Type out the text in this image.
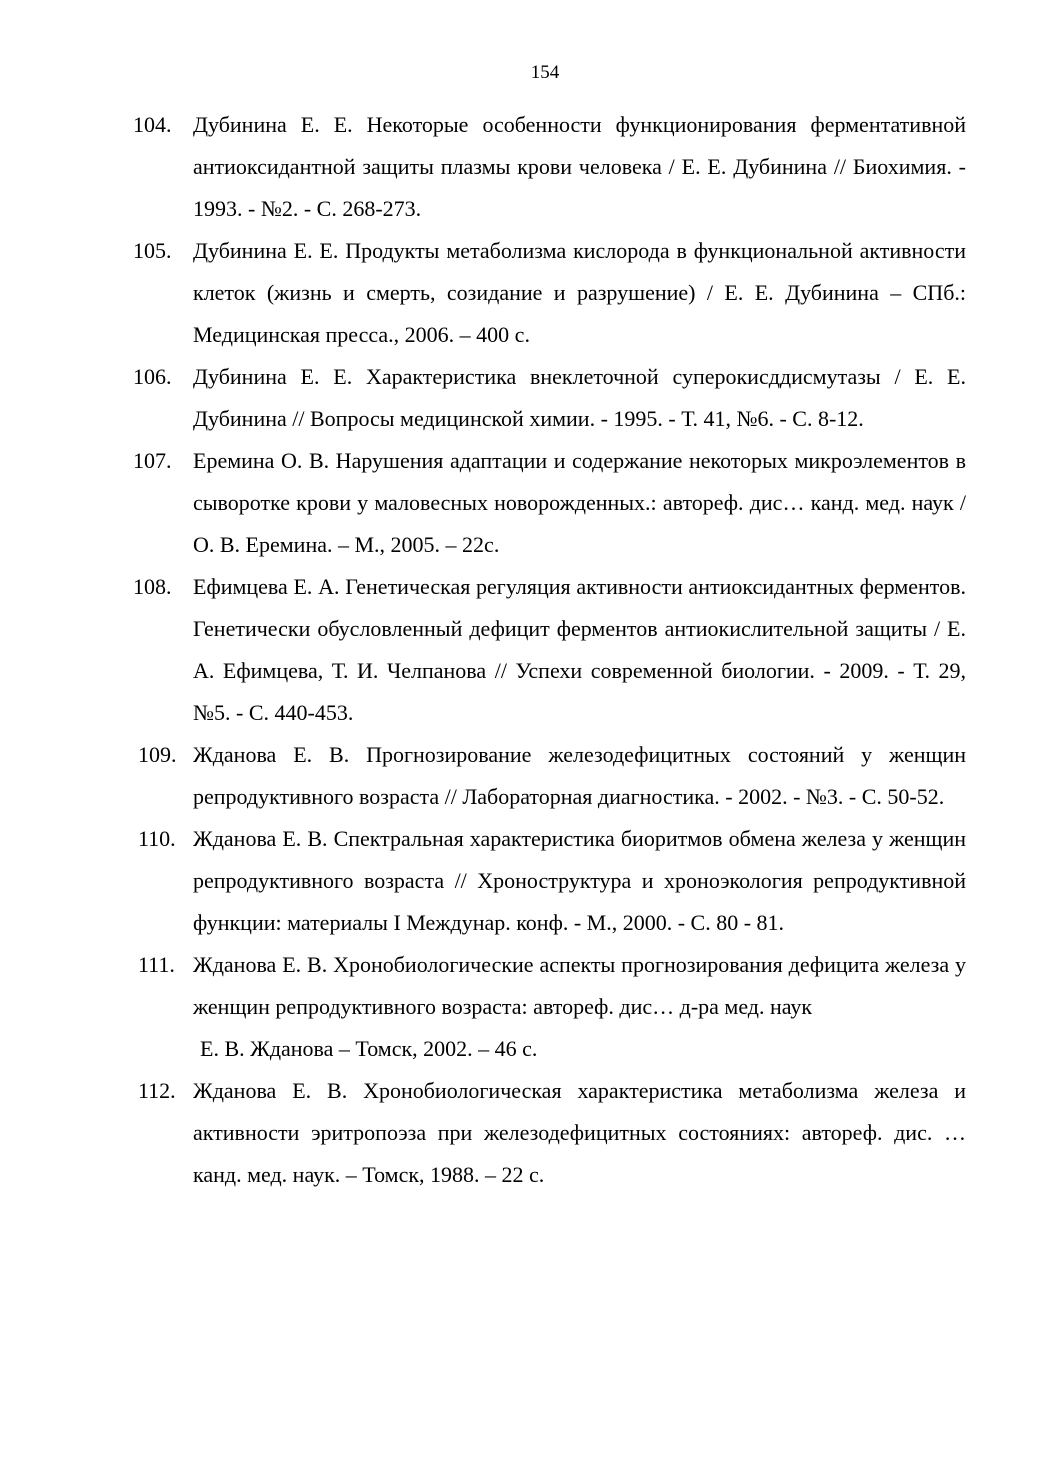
154
104. Дубинина Е. Е. Некоторые особенности функционирования ферментативной антиоксидантной защиты плазмы крови человека / Е. Е. Дубинина // Биохимия. - 1993. - №2. - С. 268-273.
105. Дубинина Е. Е. Продукты метаболизма кислорода в функциональной активности клеток (жизнь и смерть, созидание и разрушение) / Е. Е. Дубинина – СПб.: Медицинская пресса., 2006. – 400 с.
106. Дубинина Е. Е. Характеристика внеклеточной суперокисддисмутазы / Е. Е. Дубинина // Вопросы медицинской химии. - 1995. - Т. 41, №6. - С. 8-12.
107. Еремина О. В. Нарушения адаптации и содержание некоторых микроэлементов в сыворотке крови у маловесных новорожденных.: автореф. дис… канд. мед. наук / О. В. Еремина. – М., 2005. – 22с.
108. Ефимцева Е. А. Генетическая регуляция активности антиоксидантных ферментов. Генетически обусловленный дефицит ферментов антиокислительной защиты / Е. А. Ефимцева, Т. И. Челпанова // Успехи современной биологии. - 2009. - Т. 29, №5. - С. 440-453.
109. Жданова Е. В. Прогнозирование железодефицитных состояний у женщин репродуктивного возраста // Лабораторная диагностика. - 2002. - №3. - С. 50-52.
110. Жданова Е. В. Спектральная характеристика биоритмов обмена железа у женщин репродуктивного возраста // Хроноструктура и хроноэкология репродуктивной функции: материалы I Междунар. конф. - М., 2000. - С. 80 - 81.
111. Жданова Е. В. Хронобиологические аспекты прогнозирования дефицита железа у женщин репродуктивного возраста: автореф. дис… д-ра мед. наук
Е. В. Жданова – Томск, 2002. – 46 с.
112. Жданова Е. В. Хронобиологическая характеристика метаболизма железа и активности эритропоэза при железодефицитных состояниях: автореф. дис. … канд. мед. наук. – Томск, 1988. – 22 с.
